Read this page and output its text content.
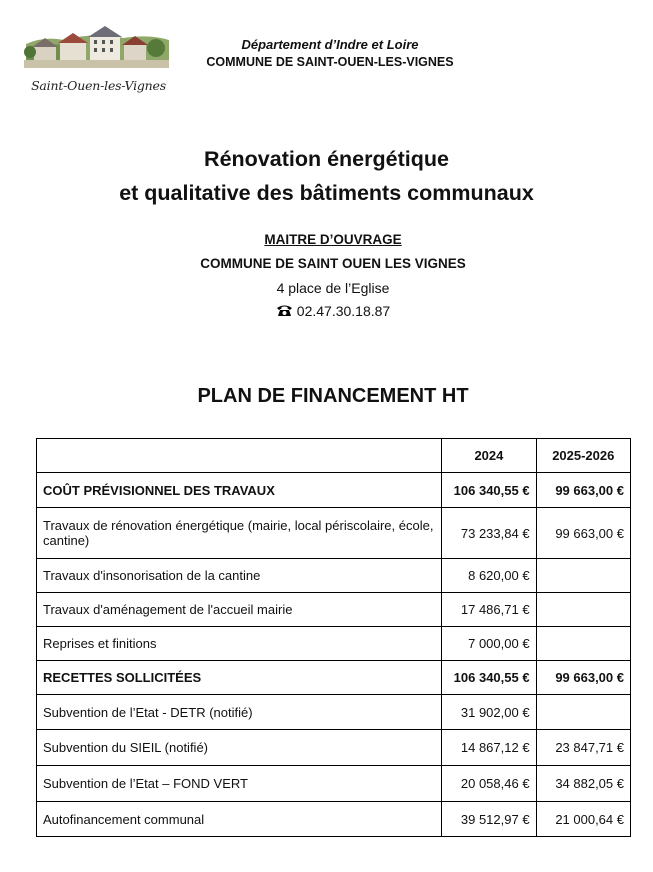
Saint-Ouen-les-Vignes
Département d’Indre et Loire
COMMUNE DE SAINT-OUEN-LES-VIGNES
Rénovation énergétique
et qualitative des bâtiments communaux
MAITRE D’OUVRAGE
COMMUNE DE SAINT OUEN LES VIGNES
4 place de l’Eglise
02.47.30.18.87
PLAN DE FINANCEMENT HT
	2024	2025-2026
COÛT PRÉVISIONNEL DES TRAVAUX	106 340,55 €	99 663,00 €
Travaux de rénovation énergétique (mairie, local périscolaire, école, cantine)	73 233,84 €	99 663,00 €
Travaux d'insonorisation de la cantine	8 620,00 €	
Travaux d'aménagement de l'accueil mairie	17 486,71 €	
Reprises et finitions	7 000,00 €	
RECETTES SOLLICITÉES	106 340,55 €	99 663,00 €
Subvention de l’Etat - DETR (notifié)	31 902,00 €	
Subvention du SIEIL (notifié)	14 867,12 €	23 847,71 €
Subvention de l’Etat – FOND VERT	20 058,46 €	34 882,05 €
Autofinancement communal	39 512,97 €	21 000,64 €
